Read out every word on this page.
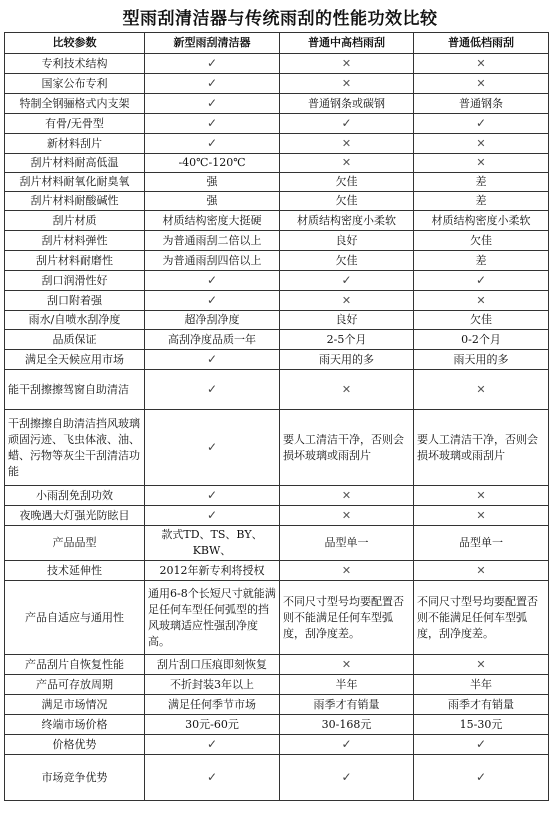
型雨刮清洁器与传统雨刮的性能功效比较
比较参数	新型雨刮清洁器	普通中高档雨刮	普通低档雨刮
专利技术结构	✓	✕	✕
国家公布专利	✓	✕	✕
特制全钢骊格式内支架	✓	普通钢条或碳钢	普通钢条
有骨/无骨型	✓	✓	✓
新材料刮片	✓	✕	✕
刮片材料耐高低温	-40℃-120℃	✕	✕
刮片材料耐氧化耐臭氧	强	欠佳	差
刮片材料耐酸碱性	强	欠佳	差
刮片材质	材质结构密度大挺硬	材质结构密度小柔软	材质结构密度小柔软
刮片材料弹性	为普通雨刮二倍以上	良好	欠佳
刮片材料耐磨性	为普通雨刮四倍以上	欠佳	差
刮口润滑性好	✓	✓	✓
刮口附着强	✓	✕	✕
雨水/自喷水刮净度	超净刮净度	良好	欠佳
品质保证	高刮净度品质一年	2-5个月	0-2个月
满足全天候应用市场	✓	雨天用的多	雨天用的多
能干刮擦擦驾窗自助清洁	✓	✕	✕
干刮擦擦自助清洁挡风玻璃顽固污迹、飞虫体液、油、蜡、污物等灰尘干刮清洁功能	✓	要人工清洁干净，否则会损坏玻璃或雨刮片	要人工清洁干净，否则会损坏玻璃或雨刮片
小雨刮免刮功效	✓	✕	✕
夜晚遇大灯强光防眩目	✓	✕	✕
产品品型	款式TD、TS、BY、KBW、	品型单一	品型单一
技术延伸性	2012年新专利将授权	✕	✕
产品自适应与通用性	通用6-8个长短尺寸就能满足任何车型任何弧型的挡风玻璃适应性强刮净度高。	不同尺寸型号均要配置否则不能满足任何车型弧度，刮净度差。	不同尺寸型号均要配置否则不能满足任何车型弧度，刮净度差。
产品刮片自恢复性能	刮片刮口压痕即刻恢复	✕	✕
产品可存放周期	不折封装3年以上	半年	半年
满足市场情况	满足任何季节市场	雨季才有销量	雨季才有销量
终端市场价格	30元-60元	30-168元	15-30元
价格优势	✓	✓	✓
市场竞争优势	✓	✓	✓
